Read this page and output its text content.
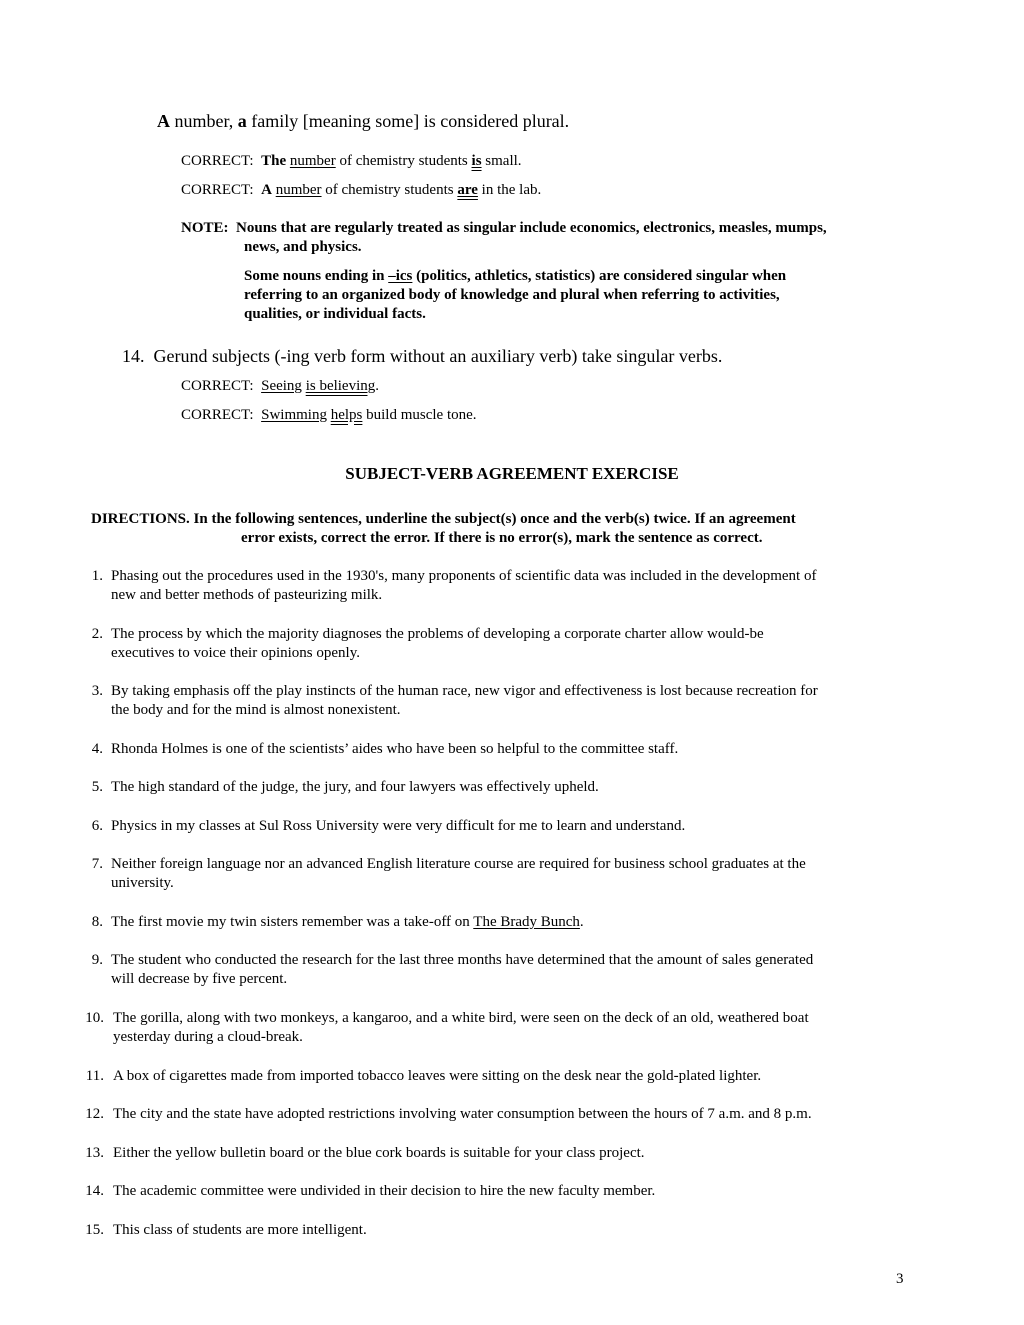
A number, a family [meaning some] is considered plural.

CORRECT: The number of chemistry students is small.

CORRECT: A number of chemistry students are in the lab.

NOTE: Nouns that are regularly treated as singular include economics, electronics, measles, mumps,

news, and physics.

Some nouns ending in –ics (politics, athletics, statistics) are considered singular when

referring to an organized body of knowledge and plural when referring to activities,

qualities, or individual facts.

14. Gerund subjects (-ing verb form without an auxiliary verb) take singular verbs.

CORRECT: Seeing is believing.

CORRECT: Swimming helps build muscle tone.

SUBJECT-VERB AGREEMENT EXERCISE

DIRECTIONS. In the following sentences, underline the subject(s) once and the verb(s) twice. If an agreement

error exists, correct the error. If there is no error(s), mark the sentence as correct.

1. Phasing out the procedures used in the 1930's, many proponents of scientific data was included in the development of
new and better methods of pasteurizing milk.
2. The process by which the majority diagnoses the problems of developing a corporate charter allow would-be
executives to voice their opinions openly.
3. By taking emphasis off the play instincts of the human race, new vigor and effectiveness is lost because recreation for
the body and for the mind is almost nonexistent.
4. Rhonda Holmes is one of the scientists’ aides who have been so helpful to the committee staff.
5. The high standard of the judge, the jury, and four lawyers was effectively upheld.
6. Physics in my classes at Sul Ross University were very difficult for me to learn and understand.
7. Neither foreign language nor an advanced English literature course are required for business school graduates at the
university.
8. The first movie my twin sisters remember was a take-off on The Brady Bunch.
9. The student who conducted the research for the last three months have determined that the amount of sales generated
will decrease by five percent.
10. The gorilla, along with two monkeys, a kangaroo, and a white bird, were seen on the deck of an old, weathered boat
yesterday during a cloud-break.
11. A box of cigarettes made from imported tobacco leaves were sitting on the desk near the gold-plated lighter.
12. The city and the state have adopted restrictions involving water consumption between the hours of 7 a.m. and 8 p.m.
13. Either the yellow bulletin board or the blue cork boards is suitable for your class project.
14. The academic committee were undivided in their decision to hire the new faculty member.
15. This class of students are more intelligent.

3
